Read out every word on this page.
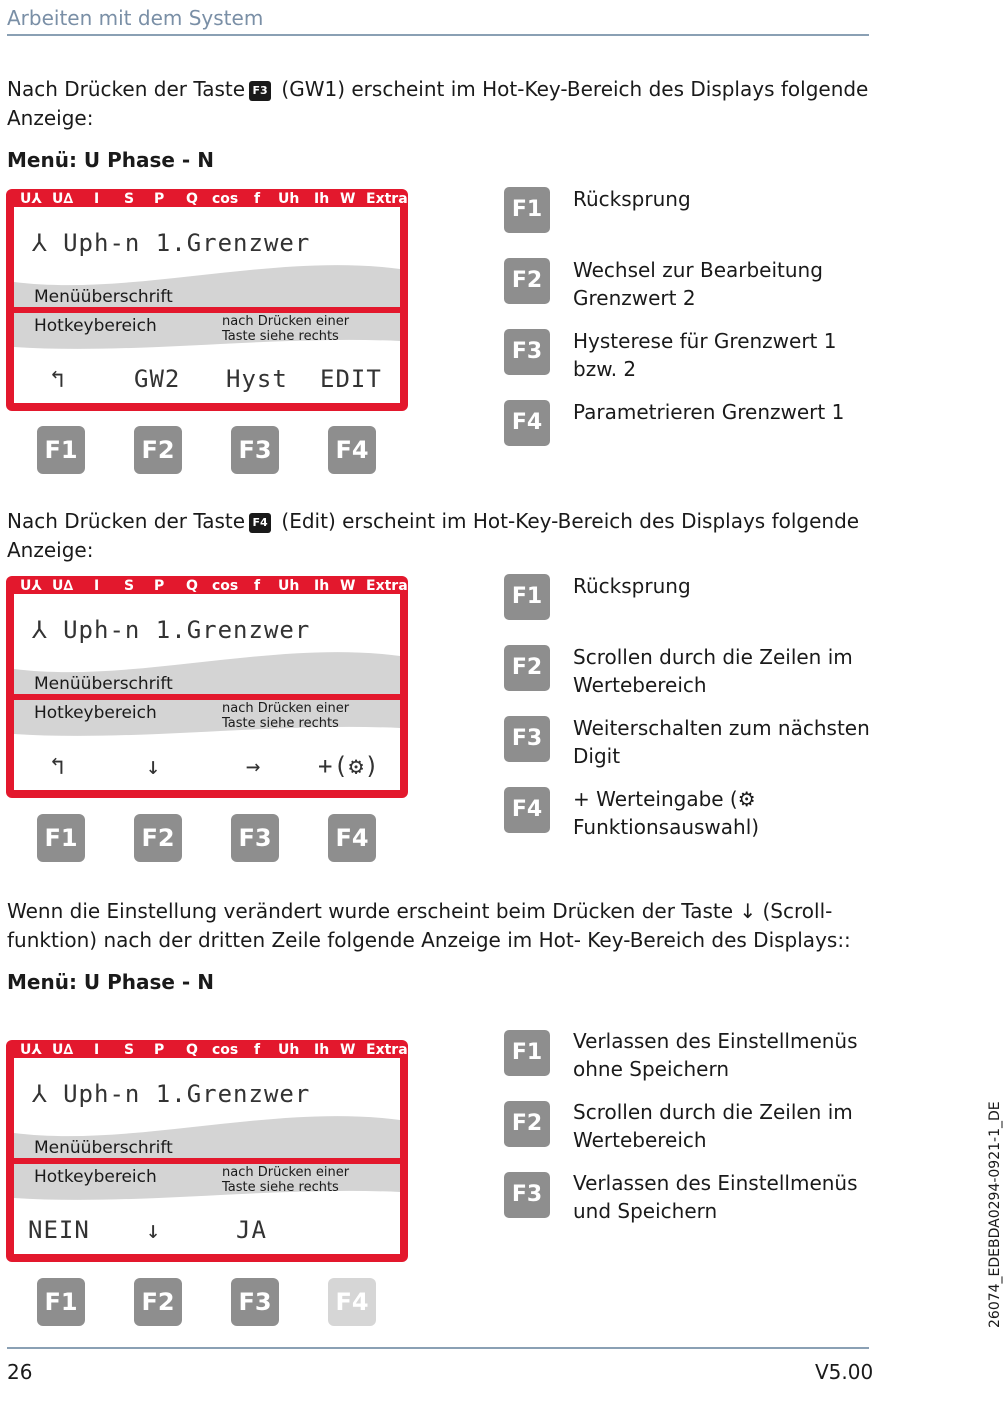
Arbeiten mit dem System
Nach Drücken der Taste F3 (GW1) erscheint im Hot-Key-Bereich des Displays folgende Anzeige:
Menü: U Phase - N
U⅄ U∆ I S P Q cos f Uh Ih W Extra
⅄ Uph-n 1.Grenzwer
Menüüberschrift
Hotkeybereich	nach Drücken einer
Taste siehe rechts
↰	GW2 Hyst EDIT
F1	F2	F3	F4
F1	Rücksprung
F2	Wechsel zur Bearbeitung Grenzwert 2
F3	Hysterese für Grenzwert 1 bzw. 2
F4	Parametrieren Grenzwert 1
Nach Drücken der Taste F4 (Edit) erscheint im Hot-Key-Bereich des Displays folgende Anzeige:
U⅄ U∆ I S P Q cos f Uh Ih W Extra
⅄ Uph-n 1.Grenzwer
Menüüberschrift
Hotkeybereich	nach Drücken einer
Taste siehe rechts
↰	↓	→ +(⚙)
F1	F2	F3	F4
F1	Rücksprung
F2	Scrollen durch die Zeilen im Wertebereich
F3	Weiterschalten zum nächsten Digit
F4	+ Werteingabe (⚙ Funktionsauswahl)
Wenn die Einstellung verändert wurde erscheint beim Drücken der Taste ↓ (Scroll-funktion) nach der dritten Zeile folgende Anzeige im Hot- Key-Bereich des Displays::
Menü: U Phase - N
U⅄ U∆ I S P Q cos f Uh Ih W Extra
⅄ Uph-n 1.Grenzwer
Menüüberschrift
Hotkeybereich	nach Drücken einer
Taste siehe rechts
NEIN ↓	JA
F1	F2	F3	F4
F1	Verlassen des Einstellmenüs ohne Speichern
F2	Scrollen durch die Zeilen im Wertebereich
F3	Verlassen des Einstellmenüs und Speichern	26074_EDEBDA0294-0921-1_DE
26	V5.00
